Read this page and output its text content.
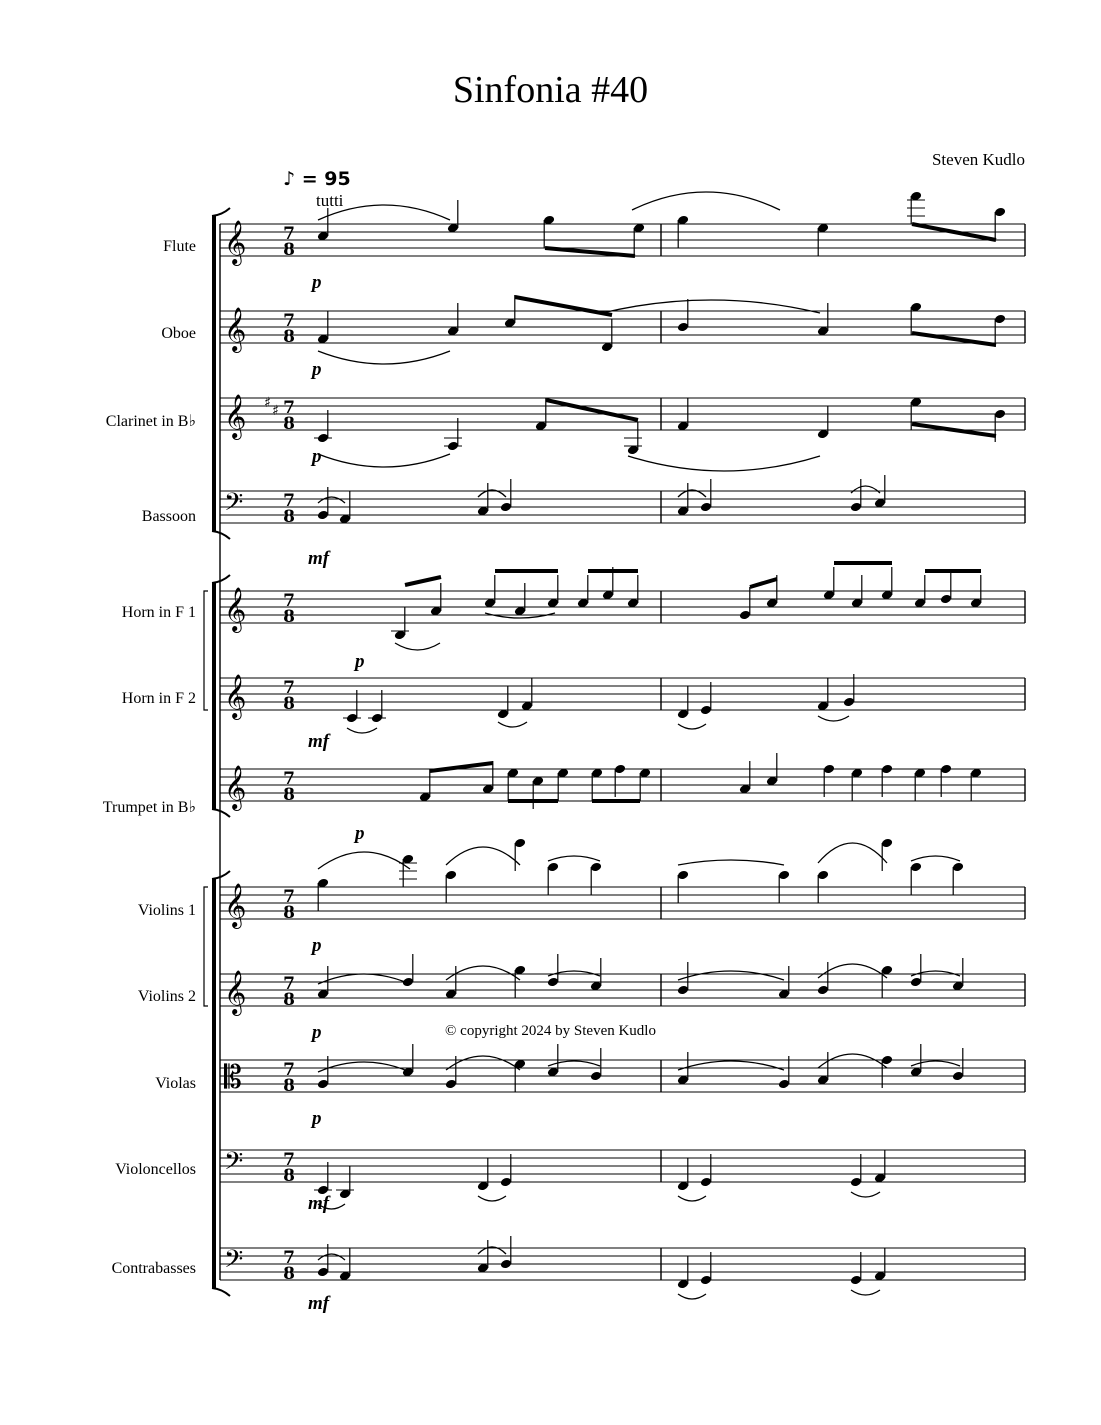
Sinfonia #40
Steven Kudlo
♪ = 95
tutti
Flute
Oboe
Clarinet in B♭
Bassoon
Horn in F 1
Horn in F 2
Trumpet in B♭
Violins 1
Violins 2
Violas
Violoncellos
Contrabasses
p
p
p
mf
p
mf
p
p
p
p
mf
mf
© copyright 2024 by Steven Kudlo
𝄞 7
8
𝄞 7
8
𝄞 ♯ ♯ 7
8
𝄢 7
8
𝄞 7
8
𝄞 7
8
𝄞 7
8
𝄞 7
8
𝄞 7
8
𝄡 7
8
𝄢 7
8
𝄢 7
8
